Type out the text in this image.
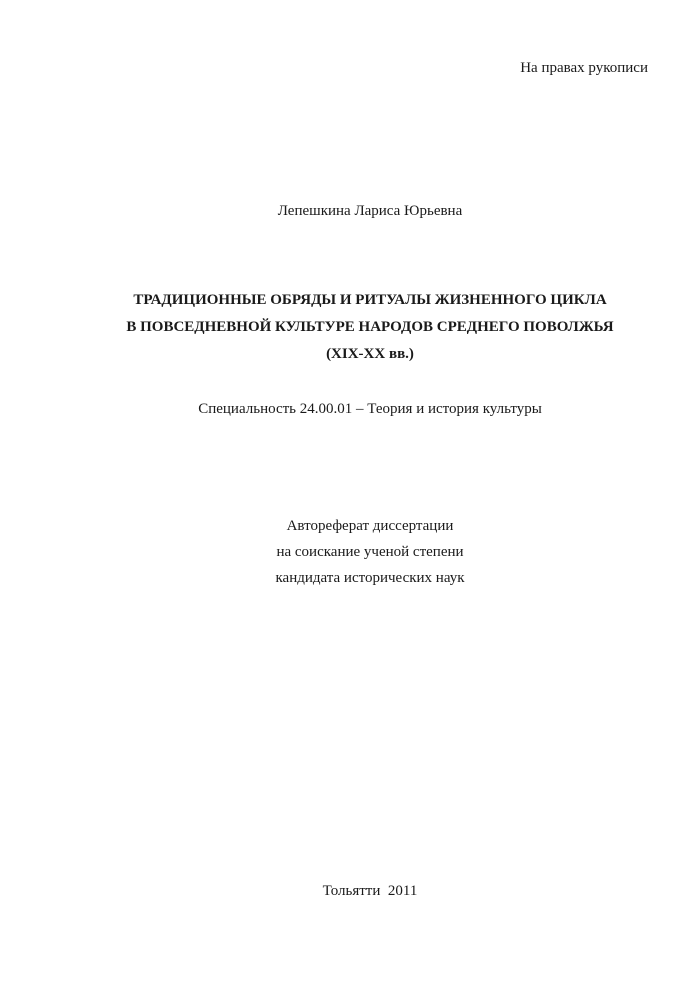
На правах рукописи
Лепешкина Лариса Юрьевна
ТРАДИЦИОННЫЕ ОБРЯДЫ И РИТУАЛЫ ЖИЗНЕННОГО ЦИКЛА
В ПОВСЕДНЕВНОЙ КУЛЬТУРЕ НАРОДОВ СРЕДНЕГО ПОВОЛЖЬЯ
(XIX-XX вв.)
Специальность 24.00.01 – Теория и история культуры
Автореферат диссертации
на соискание ученой степени
кандидата исторических наук
Тольятти  2011
